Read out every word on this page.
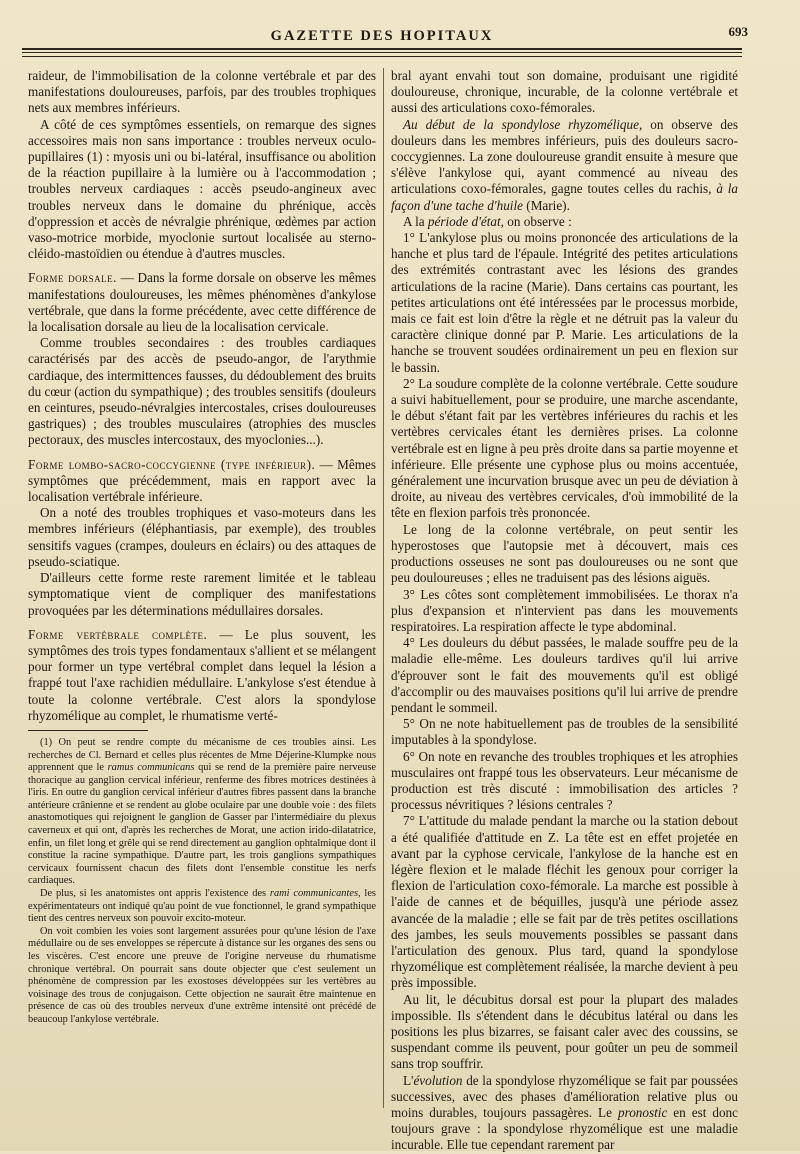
GAZETTE DES HOPITAUX	693

raideur, de l'immobilisation de la colonne vertébrale et par des manifestations douloureuses, parfois, par des troubles trophiques nets aux membres inférieurs.

A côté de ces symptômes essentiels, on remarque des signes accessoires mais non sans importance : troubles nerveux oculo-pupillaires (1) : myosis uni ou bi-latéral, insuffisance ou abolition de la réaction pupillaire à la lumière ou à l'accommodation ; troubles nerveux cardiaques : accès pseudo-angineux avec troubles nerveux dans le domaine du phrénique, accès d'oppression et accès de névralgie phrénique, œdèmes par action vaso-motrice morbide, myoclonie surtout localisée au sterno-cléido-mastoïdien ou étendue à d'autres muscles.

Forme dorsale. — Dans la forme dorsale on observe les mêmes manifestations douloureuses, les mêmes phénomènes d'ankylose vertébrale, que dans la forme précédente, avec cette différence de la localisation dorsale au lieu de la localisation cervicale.

Comme troubles secondaires : des troubles cardiaques caractérisés par des accès de pseudo-angor, de l'arythmie cardiaque, des intermittences fausses, du dédoublement des bruits du cœur (action du sympathique) ; des troubles sensitifs (douleurs en ceintures, pseudo-névralgies intercostales, crises douloureuses gastriques) ; des troubles musculaires (atrophies des muscles pectoraux, des muscles intercostaux, des myoclonies...).

Forme lombo-sacro-coccygienne (type inférieur). — Mêmes symptômes que précédemment, mais en rapport avec la localisation vertébrale inférieure.

On a noté des troubles trophiques et vaso-moteurs dans les membres inférieurs (éléphantiasis, par exemple), des troubles sensitifs vagues (crampes, douleurs en éclairs) ou des attaques de pseudo-sciatique.

D'ailleurs cette forme reste rarement limitée et le tableau symptomatique vient de compliquer des manifestations provoquées par les déterminations médullaires dorsales.

Forme vertébrale complète. — Le plus souvent, les symptômes des trois types fondamentaux s'allient et se mélangent pour former un type vertébral complet dans lequel la lésion a frappé tout l'axe rachidien médullaire. L'ankylose s'est étendue à toute la colonne vertébrale. C'est alors la spondylose rhyzomélique au complet, le rhumatisme verté-

(1) On peut se rendre compte du mécanisme de ces troubles ainsi. Les recherches de Cl. Bernard et celles plus récentes de Mme Déjerine-Klumpke nous apprennent que le ramus communicans qui se rend de la première paire nerveuse thoracique au ganglion cervical inférieur, renferme des fibres motrices destinées à l'iris. En outre du ganglion cervical inférieur d'autres fibres passent dans la branche antérieure crânienne et se rendent au globe oculaire par une double voie : des filets anastomotiques qui rejoignent le ganglion de Gasser par l'intermédiaire du plexus caverneux et qui ont, d'après les recherches de Morat, une action irido-dilatatrice, enfin, un filet long et grêle qui se rend directement au ganglion ophtalmique dont il constitue la racine sympathique. D'autre part, les trois ganglions sympathiques cervicaux fournissent chacun des filets dont l'ensemble constitue les nerfs cardiaques.

De plus, si les anatomistes ont appris l'existence des rami communicantes, les expérimentateurs ont indiqué qu'au point de vue fonctionnel, le grand sympathique tient des centres nerveux son pouvoir excito-moteur.

On voit combien les voies sont largement assurées pour qu'une lésion de l'axe médullaire ou de ses enveloppes se répercute à distance sur les organes des sens ou les viscères. C'est encore une preuve de l'origine nerveuse du rhumatisme chronique vertébral. On pourrait sans doute objecter que c'est seulement un phénomène de compression par les exostoses développées sur les vertèbres au voisinage des trous de conjugaison. Cette objection ne saurait être maintenue en présence de cas où des troubles nerveux d'une extrême intensité ont précédé de beaucoup l'ankylose vertébrale.

bral ayant envahi tout son domaine, produisant une rigidité douloureuse, chronique, incurable, de la colonne vertébrale et aussi des articulations coxo-fémorales.

Au début de la spondylose rhyzomélique, on observe des douleurs dans les membres inférieurs, puis des douleurs sacro-coccygiennes. La zone douloureuse grandit ensuite à mesure que s'élève l'ankylose qui, ayant commencé au niveau des articulations coxo-fémorales, gagne toutes celles du rachis, à la façon d'une tache d'huile (Marie).

A la période d'état, on observe :

1° L'ankylose plus ou moins prononcée des articulations de la hanche et plus tard de l'épaule. Intégrité des petites articulations des extrémités contrastant avec les lésions des grandes articulations de la racine (Marie). Dans certains cas pourtant, les petites articulations ont été intéressées par le processus morbide, mais ce fait est loin d'être la règle et ne détruit pas la valeur du caractère clinique donné par P. Marie. Les articulations de la hanche se trouvent soudées ordinairement un peu en flexion sur le bassin.

2° La soudure complète de la colonne vertébrale. Cette soudure a suivi habituellement, pour se produire, une marche ascendante, le début s'étant fait par les vertèbres inférieures du rachis et les vertèbres cervicales étant les dernières prises. La colonne vertébrale est en ligne à peu près droite dans sa partie moyenne et inférieure. Elle présente une cyphose plus ou moins accentuée, généralement une incurvation brusque avec un peu de déviation à droite, au niveau des vertèbres cervicales, d'où immobilité de la tête en flexion parfois très prononcée.

Le long de la colonne vertébrale, on peut sentir les hyperostoses que l'autopsie met à découvert, mais ces productions osseuses ne sont pas douloureuses ou ne sont que peu douloureuses ; elles ne traduisent pas des lésions aiguës.

3° Les côtes sont complètement immobilisées. Le thorax n'a plus d'expansion et n'intervient pas dans les mouvements respiratoires. La respiration affecte le type abdominal.

4° Les douleurs du début passées, le malade souffre peu de la maladie elle-même. Les douleurs tardives qu'il lui arrive d'éprouver sont le fait des mouvements qu'il est obligé d'accomplir ou des mauvaises positions qu'il lui arrive de prendre pendant le sommeil.

5° On ne note habituellement pas de troubles de la sensibilité imputables à la spondylose.

6° On note en revanche des troubles trophiques et les atrophies musculaires ont frappé tous les observateurs. Leur mécanisme de production est très discuté : immobilisation des articles ? processus névritiques ? lésions centrales ?

7° L'attitude du malade pendant la marche ou la station debout a été qualifiée d'attitude en Z. La tête est en effet projetée en avant par la cyphose cervicale, l'ankylose de la hanche est en légère flexion et le malade fléchit les genoux pour corriger la flexion de l'articulation coxo-fémorale. La marche est possible à l'aide de cannes et de béquilles, jusqu'à une période assez avancée de la maladie ; elle se fait par de très petites oscillations des jambes, les seuls mouvements possibles se passant dans l'articulation des genoux. Plus tard, quand la spondylose rhyzomélique est complètement réalisée, la marche devient à peu près impossible.

Au lit, le décubitus dorsal est pour la plupart des malades impossible. Ils s'étendent dans le décubitus latéral ou dans les positions les plus bizarres, se faisant caler avec des coussins, se suspendant comme ils peuvent, pour goûter un peu de sommeil sans trop souffrir.

L'évolution de la spondylose rhyzomélique se fait par poussées successives, avec des phases d'amélioration relative plus ou moins durables, toujours passagères. Le pronostic en est donc toujours grave : la spondylose rhyzomélique est une maladie incurable. Elle tue cependant rarement par
